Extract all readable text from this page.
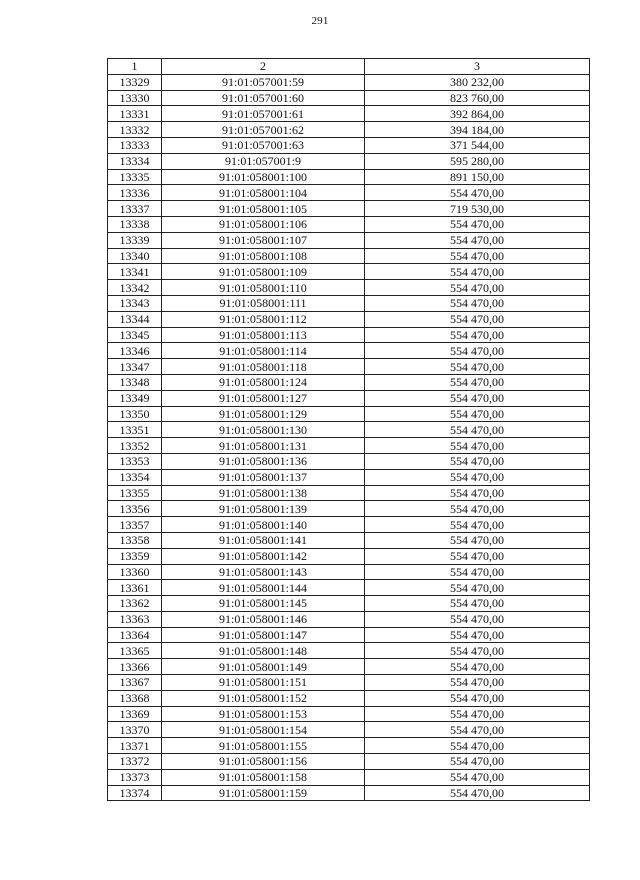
291
1	2	3
13329	91:01:057001:59	380 232,00
13330	91:01:057001:60	823 760,00
13331	91:01:057001:61	392 864,00
13332	91:01:057001:62	394 184,00
13333	91:01:057001:63	371 544,00
13334	91:01:057001:9	595 280,00
13335	91:01:058001:100	891 150,00
13336	91:01:058001:104	554 470,00
13337	91:01:058001:105	719 530,00
13338	91:01:058001:106	554 470,00
13339	91:01:058001:107	554 470,00
13340	91:01:058001:108	554 470,00
13341	91:01:058001:109	554 470,00
13342	91:01:058001:110	554 470,00
13343	91:01:058001:111	554 470,00
13344	91:01:058001:112	554 470,00
13345	91:01:058001:113	554 470,00
13346	91:01:058001:114	554 470,00
13347	91:01:058001:118	554 470,00
13348	91:01:058001:124	554 470,00
13349	91:01:058001:127	554 470,00
13350	91:01:058001:129	554 470,00
13351	91:01:058001:130	554 470,00
13352	91:01:058001:131	554 470,00
13353	91:01:058001:136	554 470,00
13354	91:01:058001:137	554 470,00
13355	91:01:058001:138	554 470,00
13356	91:01:058001:139	554 470,00
13357	91:01:058001:140	554 470,00
13358	91:01:058001:141	554 470,00
13359	91:01:058001:142	554 470,00
13360	91:01:058001:143	554 470,00
13361	91:01:058001:144	554 470,00
13362	91:01:058001:145	554 470,00
13363	91:01:058001:146	554 470,00
13364	91:01:058001:147	554 470,00
13365	91:01:058001:148	554 470,00
13366	91:01:058001:149	554 470,00
13367	91:01:058001:151	554 470,00
13368	91:01:058001:152	554 470,00
13369	91:01:058001:153	554 470,00
13370	91:01:058001:154	554 470,00
13371	91:01:058001:155	554 470,00
13372	91:01:058001:156	554 470,00
13373	91:01:058001:158	554 470,00
13374	91:01:058001:159	554 470,00
